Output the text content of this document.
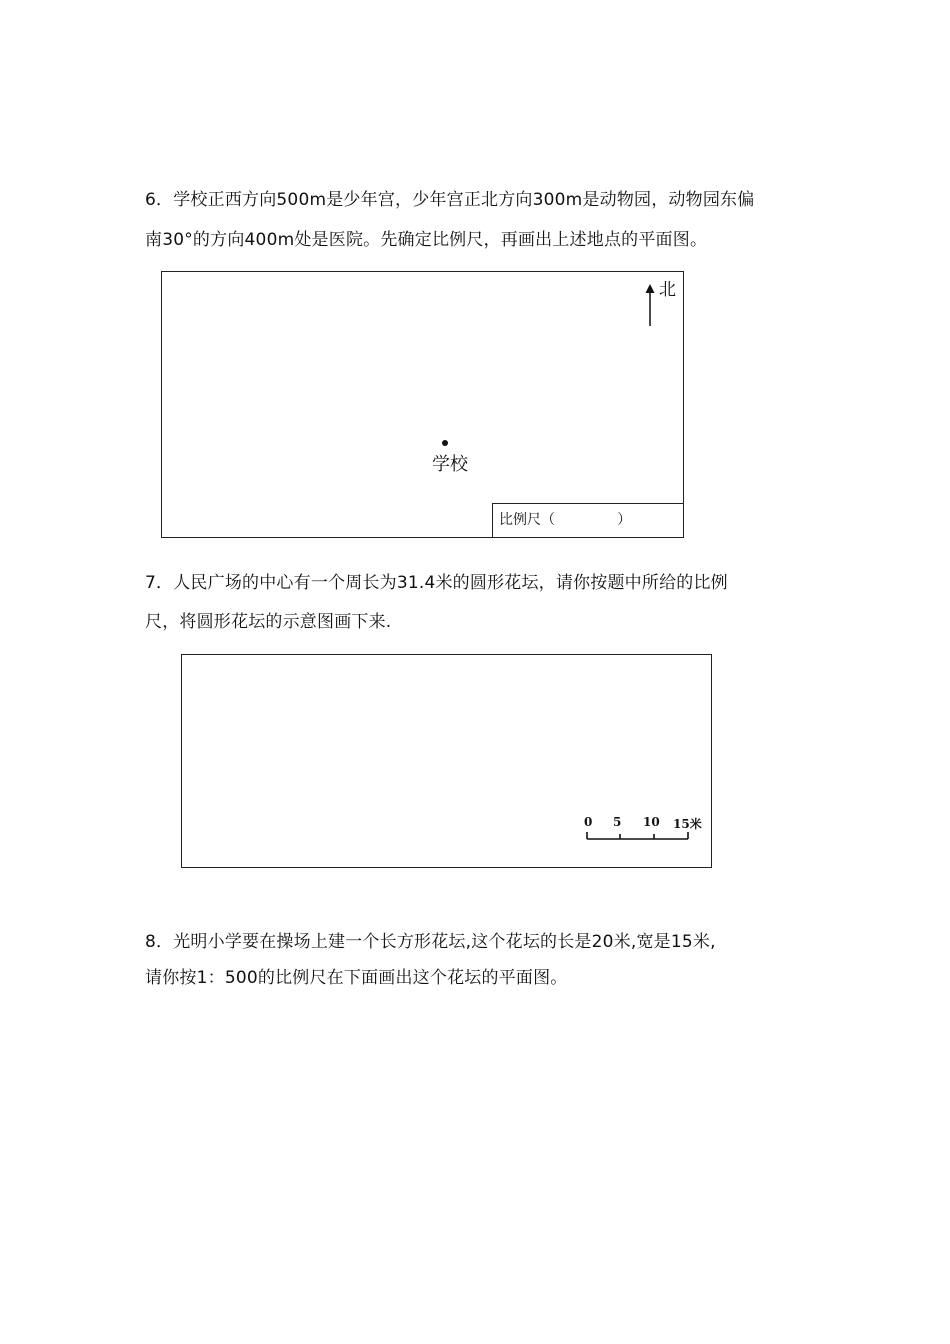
6．学校正西方向500m是少年宫，少年宫正北方向300m是动物园，动物园东偏
南30°的方向400m处是医院。先确定比例尺，再画出上述地点的平面图。
北
学校
比例尺（              ）
7．人民广场的中心有一个周长为31.4米的圆形花坛，请你按题中所给的比例
尺，将圆形花坛的示意图画下来.
0 5 10 15米
8．光明小学要在操场上建一个长方形花坛,这个花坛的长是20米,宽是15米,
请你按1：500的比例尺在下面画出这个花坛的平面图。
